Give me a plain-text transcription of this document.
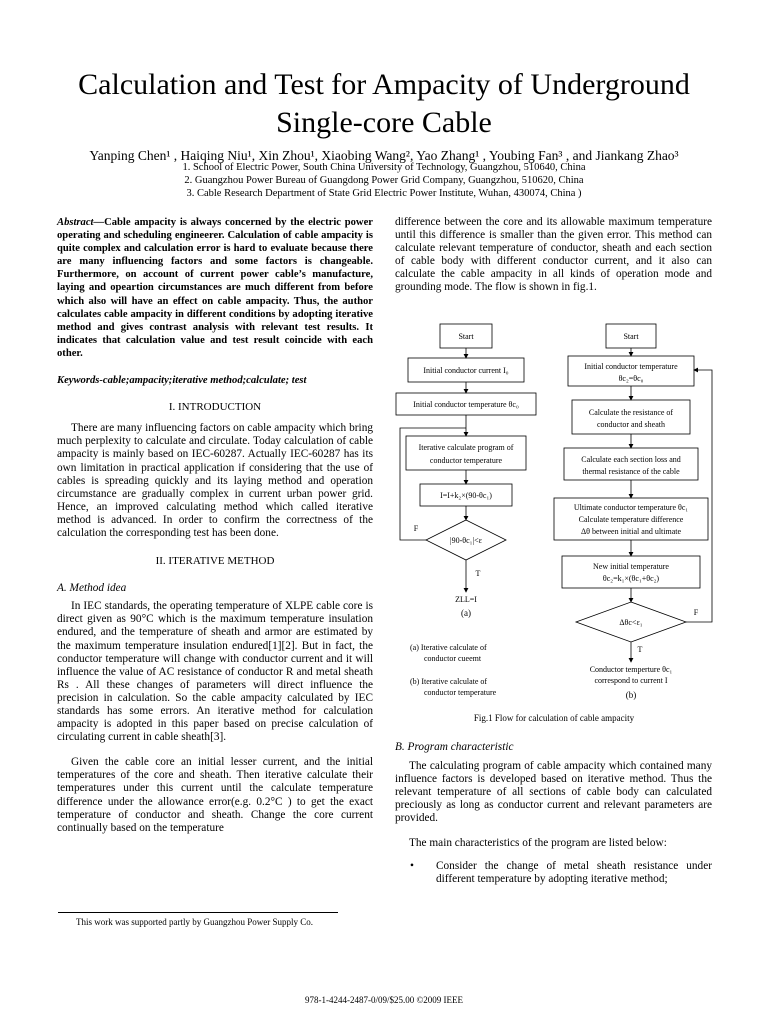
Calculation and Test for Ampacity of Underground
Single-core Cable
Yanping Chen¹ , Haiqing Niu¹, Xin Zhou¹, Xiaobing Wang², Yao Zhang¹ , Youbing Fan³ , and Jiankang Zhao³
1. School of Electric Power, South China University of Technology, Guangzhou, 510640, China
2. Guangzhou Power Bureau of Guangdong Power Grid Company, Guangzhou, 510620, China
3. Cable Research Department of State Grid Electric Power Institute, Wuhan, 430074, China )

Abstract—Cable ampacity is always concerned by the electric power operating and scheduling engineerer. Calculation of cable ampacity is quite complex and calculation error is hard to evaluate because there are many influencing factors and some factors is changeable. Furthermore, on account of current power cable’s manufacture, laying and opeartion circumstances are much different from before which also will have an effect on cable ampacity. Thus, the author calculates cable ampacity in different conditions by adopting iterative method and gives contrast analysis with relevant test results. It indicates that calculation value and test result coincide with each other.

Keywords-cable;ampacity;iterative method;calculate; test

I. INTRODUCTION

There are many influencing factors on cable ampacity which bring much perplexity to calculate and circulate. Today calculation of cable ampacity is mainly based on IEC-60287. Actually IEC-60287 has its own limitation in practical application if considering that the use of cables is spreading quickly and its laying method and operation circumstance are gradually complex in current urban power grid. Hence, an improved calculating method which called iterative method is advanced. In order to confirm the correctness of the calculation the corresponding test has been done.

II. ITERATIVE METHOD

A. Method idea

In IEC standards, the operating temperature of XLPE cable core is direct given as 90°C which is the maximum temperature insulation endured, and the temperature of sheath and armor are estimated by the maximum temperature insulation endured[1][2]. But in fact, the conductor temperature will change with conductor current and it will influence the value of AC resistance of conductor R and metal sheath Rs . All these changes of parameters will direct influence the precision in calculation. So the cable ampacity calculated by IEC standards has some errors. An iterative method for calculation ampacity is adopted in this paper based on precise calculation of circulating current in cable sheath[3].

Given the cable core an initial lesser current, and the initial temperatures of the core and sheath. Then iterative calculate their temperatures under this current until the calculate temperature difference under the allowance error(e.g. 0.2°C ) to get the exact temperature of conductor and sheath. Change the core current continually based on the temperature

This work was supported partly by Guangzhou Power Supply Co.

difference between the core and its allowable maximum temperature until this difference is smaller than the given error. This method can calculate relevant temperature of conductor, sheath and each section of cable body with different conductor current, and it also can calculate the cable ampacity in all kinds of operation mode and grounding mode. The flow is shown in fig.1.

Start
Initial conductor current I₀
Initial conductor temperature θc₀
Iterative calculate program of
conductor temperature
I=I+k₂×(90-θc₁)
|90-θc₁|<ε
F
T
ZLL=I
(a)
Start
Initial conductor temperature
θc₂=θc₀
Calculate the resistance of
conductor and sheath
Calculate each section loss and
thermal resistance of the cable
Ultimate conductor temperature θc₁
Calculate temperature difference
Δθ between initial and ultimate
New initial temperature
θc₂=k₁×(θc₁+θc₂)
Δθc<ε₁
F
T
Conductor temperture θc₁
correspond to current I
(b)
(a) Iterative calculate of
conductor cueemt
(b) Iterative calculate of
conductor temperature
Fig.1 Flow for calculation of cable ampacity

B. Program characteristic

The calculating program of cable ampacity which contained many influence factors is developed based on iterative method. Thus the relevant temperature of all sections of cable body can calculated preciously as long as conductor current and relevant parameters are provided.

The main characteristics of the program are listed below:

• Consider the change of metal sheath resistance under different temperature by adopting iterative method;
978-1-4244-2487-0/09/$25.00 ©2009 IEEE
